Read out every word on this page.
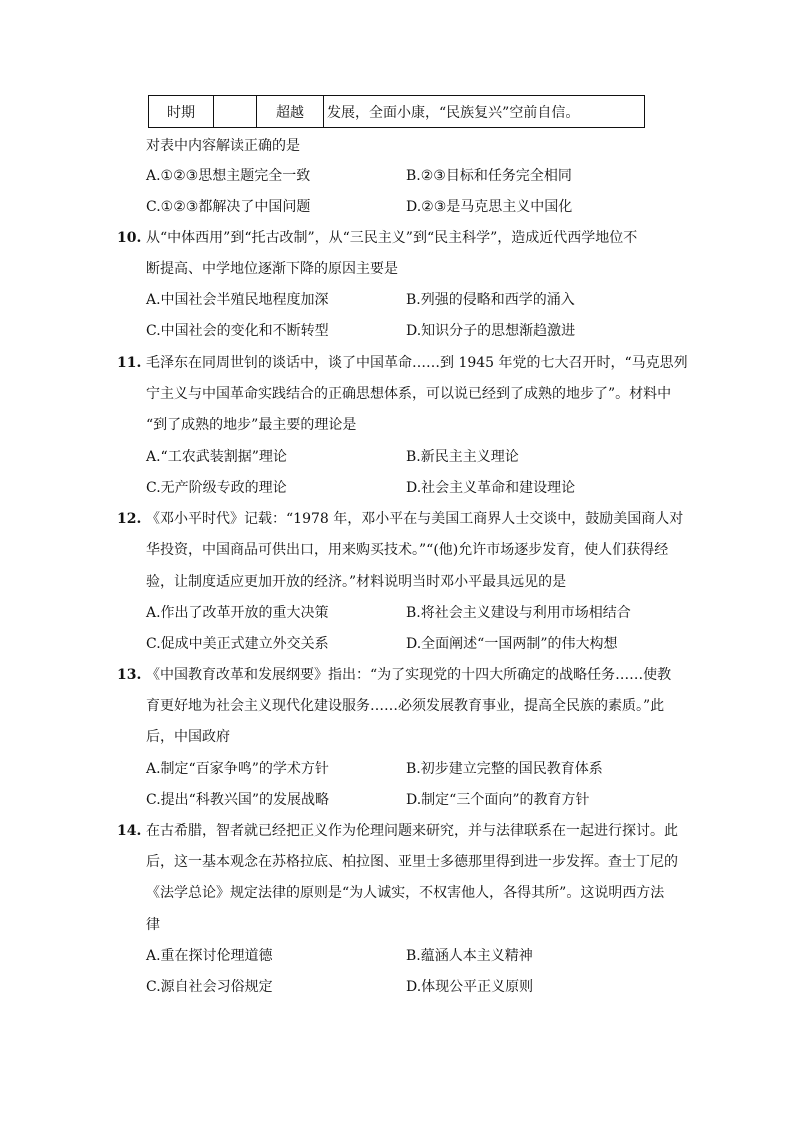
时期		超越	发展，全面小康，“民族复兴”空前自信。
对表中内容解读正确的是
A.①②③思想主题完全一致	B.②③目标和任务完全相同
C.①②③都解决了中国问题	D.②③是马克思主义中国化
10. 从“中体西用”到“托古改制”，从“三民主义”到“民主科学”，造成近代西学地位不
断提高、中学地位逐渐下降的原因主要是
A.中国社会半殖民地程度加深	B.列强的侵略和西学的涌入
C.中国社会的变化和不断转型	D.知识分子的思想渐趋激进
11. 毛泽东在同周世钊的谈话中，谈了中国革命……到 1945 年党的七大召开时，“马克思列
宁主义与中国革命实践结合的正确思想体系，可以说已经到了成熟的地步了”。材料中
“到了成熟的地步”最主要的理论是
A.“工农武装割据”理论	B.新民主主义理论
C.无产阶级专政的理论	D.社会主义革命和建设理论
12. 《邓小平时代》记载：“1978 年，邓小平在与美国工商界人士交谈中，鼓励美国商人对
华投资，中国商品可供出口，用来购买技术。”“(他)允许市场逐步发育，使人们获得经
验，让制度适应更加开放的经济。”材料说明当时邓小平最具远见的是
A.作出了改革开放的重大决策	B.将社会主义建设与利用市场相结合
C.促成中美正式建立外交关系	D.全面阐述“一国两制”的伟大构想
13. 《中国教育改革和发展纲要》指出：“为了实现党的十四大所确定的战略任务……使教
育更好地为社会主义现代化建设服务……必须发展教育事业，提高全民族的素质。”此
后，中国政府
A.制定“百家争鸣”的学术方针	B.初步建立完整的国民教育体系
C.提出“科教兴国”的发展战略	D.制定“三个面向”的教育方针
14. 在古希腊，智者就已经把正义作为伦理问题来研究，并与法律联系在一起进行探讨。此
后，这一基本观念在苏格拉底、柏拉图、亚里士多德那里得到进一步发挥。查士丁尼的
《法学总论》规定法律的原则是“为人诚实，不权害他人，各得其所”。这说明西方法
律
A.重在探讨伦理道德	B.蕴涵人本主义精神
C.源自社会习俗规定	D.体现公平正义原则
